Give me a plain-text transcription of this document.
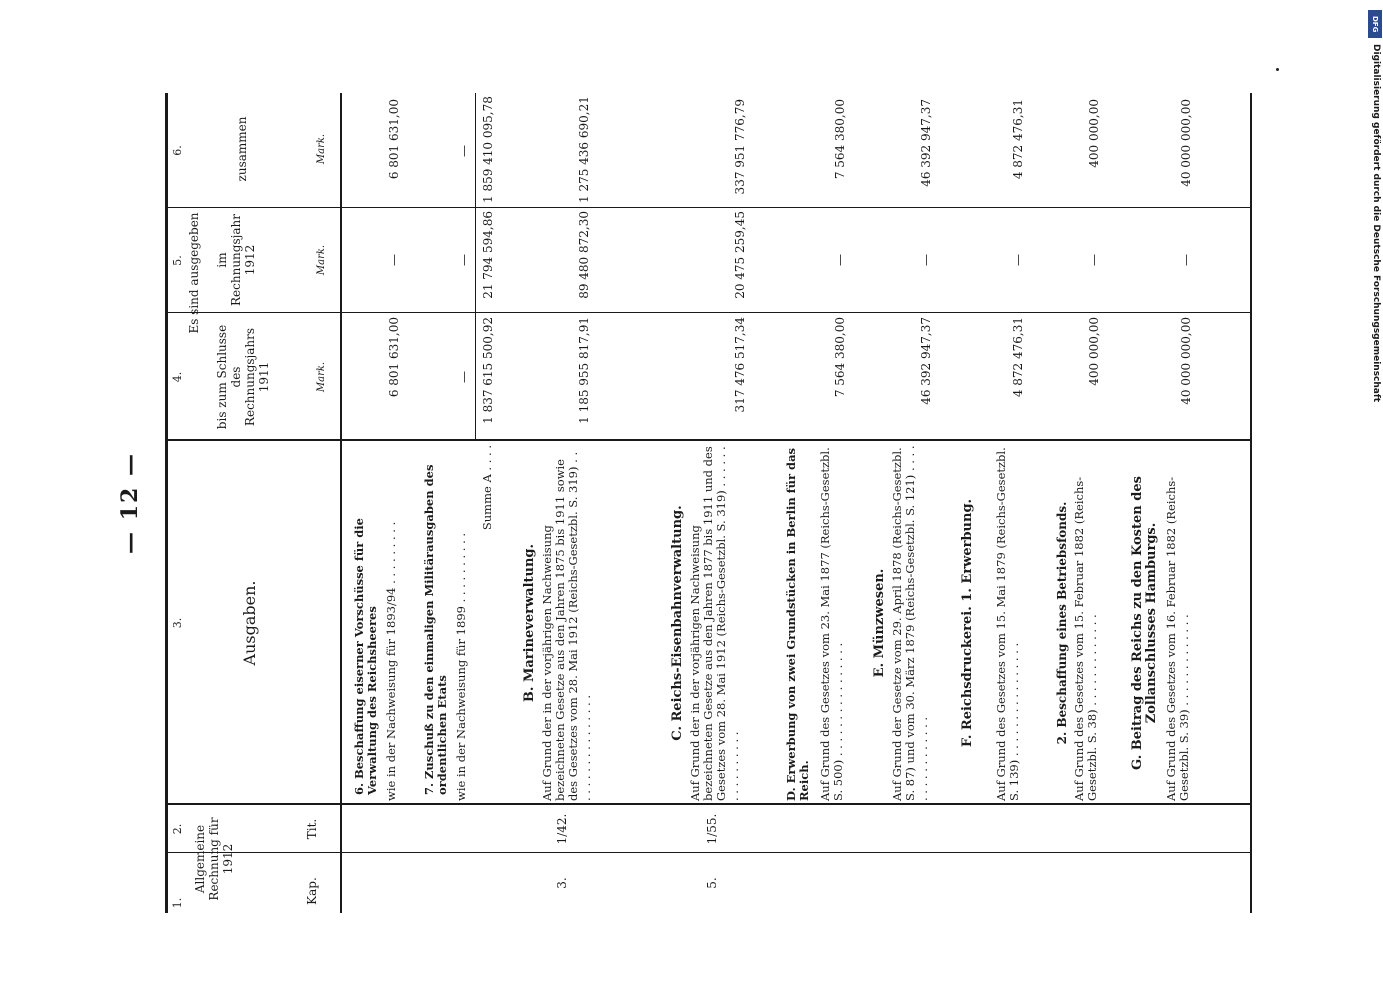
— 12 —
1.
2.
3.
4.
5.
6.
Allgemeine Rechnung für 1912
Kap.
Tit.
Ausgaben.
Es sind ausgegeben
bis zum Schlusse des Rechnungsjahrs 1911
im Rechnungsjahr 1912
zusammen
Mark.
Mark.
Mark.
6. Beschaffung eiserner Vorschüsse für die Verwaltung des Reichsheeres wie in der Nachweisung für 1893/94 . . . . . . . . .
6 801 631,00
—
6 801 631,00
7. Zuschuß zu den einmaligen Militärausgaben des ordentlichen Etats wie in der Nachweisung für 1899 . . . . . . . . . .
—
—
—
Summe A . . . .
1 837 615 500,92
21 794 594,86
1 859 410 095,78
B. Marineverwaltung.
3.
1/42.
Auf Grund der in der vorjährigen Nachweisung bezeichneten Gesetze aus den Jahren 1875 bis 1911 sowie des Gesetzes vom 28. Mai 1912 (Reichs-Gesetzbl. S. 319) . . . . . . . . . . . . . . . . .
1 185 955 817,91
89 480 872,30
1 275 436 690,21
C. Reichs-Eisenbahnverwaltung.
5.
1/55.
Auf Grund der in der vorjährigen Nachweisung bezeichneten Gesetze aus den Jahren 1877 bis 1911 und des Gesetzes vom 28. Mai 1912 (Reichs-Gesetzbl. S. 319) . . . . . . . . . . . . . . . .
317 476 517,34
20 475 259,45
337 951 776,79
D. Erwerbung von zwei Grundstücken in Berlin für das Reich. Auf Grund des Gesetzes vom 23. Mai 1877 (Reichs-Gesetzbl. S. 500) . . . . . . . . . . . . . . . .
7 564 380,00
—
7 564 380,00
E. Münzwesen. Auf Grund der Gesetze vom 29. April 1878 (Reichs-Gesetzbl. S. 87) und vom 30. März 1879 (Reichs-Gesetzbl. S. 121) . . . . . . . . . . . . . . . .
46 392 947,37
—
46 392 947,37
F. Reichsdruckerei. 1. Erwerbung. Auf Grund des Gesetzes vom 15. Mai 1879 (Reichs-Gesetzbl. S. 139) . . . . . . . . . . . . . . . .
4 872 476,31
—
4 872 476,31
2. Beschaffung eines Betriebsfonds. Auf Grund des Gesetzes vom 15. Februar 1882 (Reichs-Gesetzbl. S. 38) . . . . . . . . . . . . .
400 000,00
—
400 000,00
G. Beitrag des Reichs zu den Kosten des Zollanschlusses Hamburgs. Auf Grund des Gesetzes vom 16. Februar 1882 (Reichs-Gesetzbl. S. 39) . . . . . . . . . . . . .
40 000 000,00
—
40 000 000,00
DFG
Digitalisierung gefördert durch die Deutsche Forschungsgemeinschaft
